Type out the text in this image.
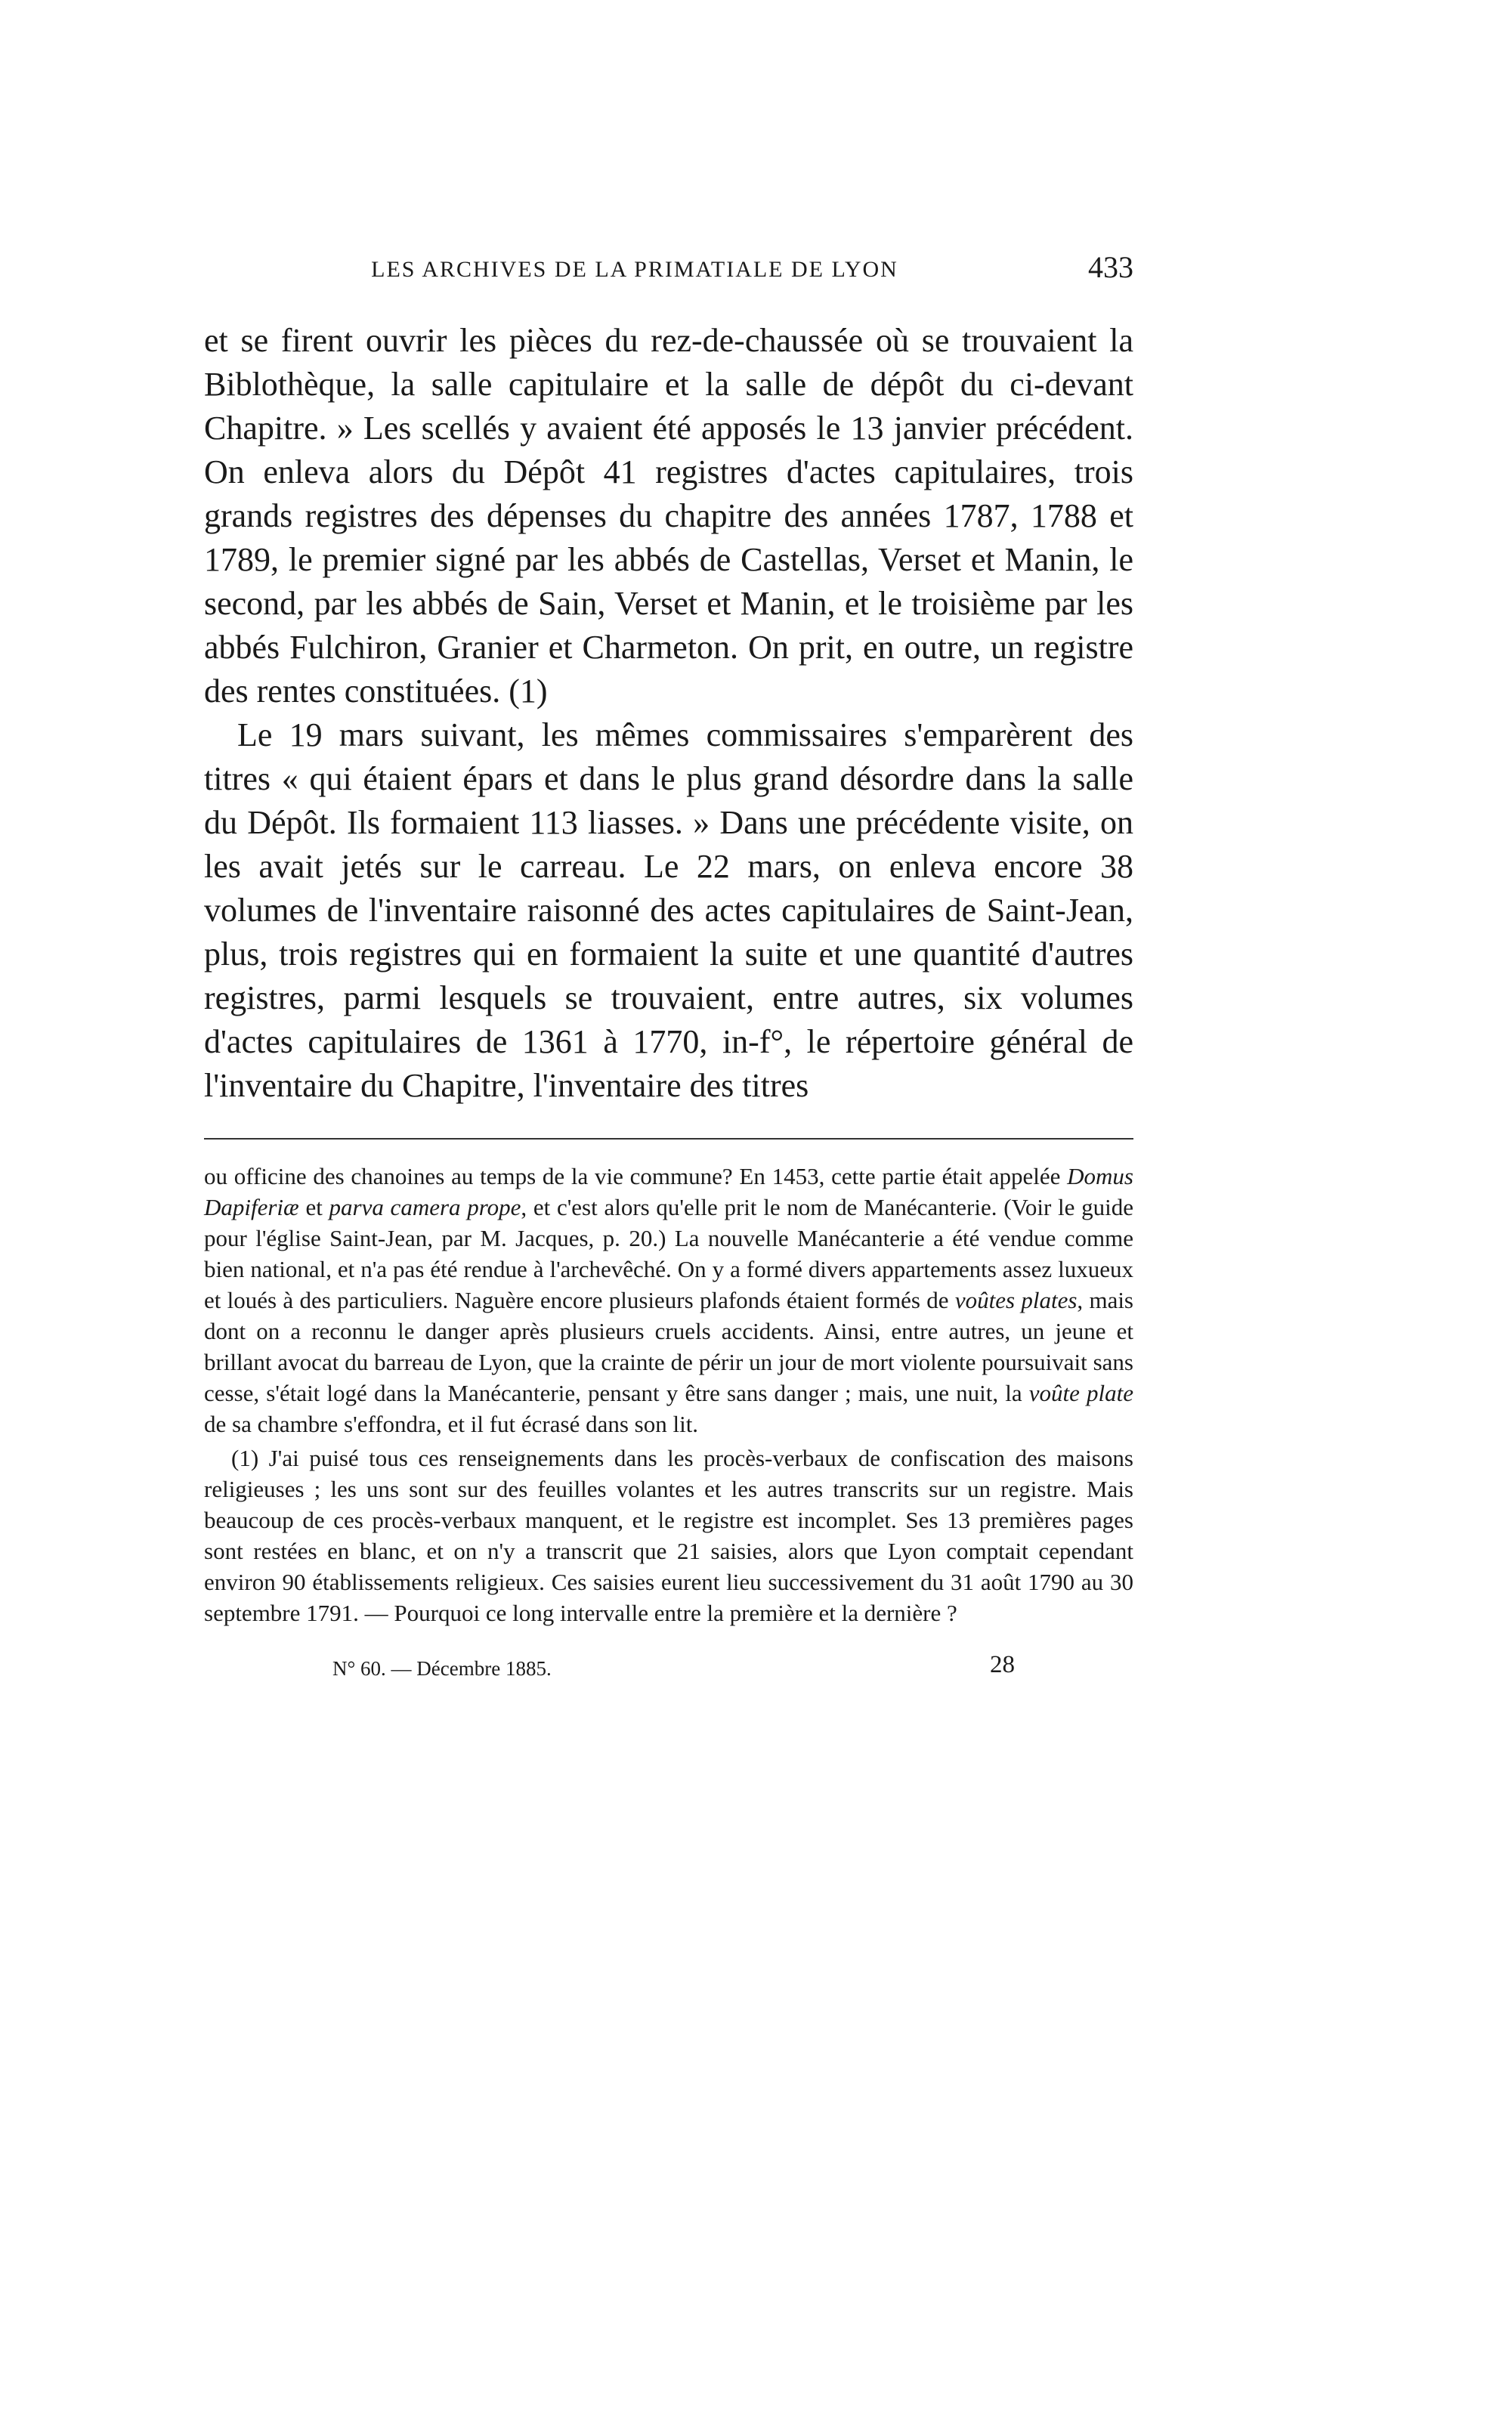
LES ARCHIVES DE LA PRIMATIALE DE LYON	433

et se firent ouvrir les pièces du rez-de-chaussée où se trouvaient la Biblothèque, la salle capitulaire et la salle de dépôt du ci-devant Chapitre. » Les scellés y avaient été apposés le 13 janvier précédent. On enleva alors du Dépôt 41 registres d'actes capitulaires, trois grands registres des dépenses du chapitre des années 1787, 1788 et 1789, le premier signé par les abbés de Castellas, Verset et Manin, le second, par les abbés de Sain, Verset et Manin, et le troisième par les abbés Fulchiron, Granier et Charmeton. On prit, en outre, un registre des rentes constituées. (1)

Le 19 mars suivant, les mêmes commissaires s'emparèrent des titres « qui étaient épars et dans le plus grand désordre dans la salle du Dépôt. Ils formaient 113 liasses. » Dans une précédente visite, on les avait jetés sur le carreau. Le 22 mars, on enleva encore 38 volumes de l'inventaire raisonné des actes capitulaires de Saint-Jean, plus, trois registres qui en formaient la suite et une quantité d'autres registres, parmi lesquels se trouvaient, entre autres, six volumes d'actes capitulaires de 1361 à 1770, in-f°, le répertoire général de l'inventaire du Chapitre, l'inventaire des titres

ou officine des chanoines au temps de la vie commune? En 1453, cette partie était appelée Domus Dapiferiæ et parva camera prope, et c'est alors qu'elle prit le nom de Manécanterie. (Voir le guide pour l'église Saint-Jean, par M. Jacques, p. 20.) La nouvelle Manécanterie a été vendue comme bien national, et n'a pas été rendue à l'archevêché. On y a formé divers appartements assez luxueux et loués à des particuliers. Naguère encore plusieurs plafonds étaient formés de voûtes plates, mais dont on a reconnu le danger après plusieurs cruels accidents. Ainsi, entre autres, un jeune et brillant avocat du barreau de Lyon, que la crainte de périr un jour de mort violente poursuivait sans cesse, s'était logé dans la Manécanterie, pensant y être sans danger ; mais, une nuit, la voûte plate de sa chambre s'effondra, et il fut écrasé dans son lit.

(1) J'ai puisé tous ces renseignements dans les procès-verbaux de confiscation des maisons religieuses ; les uns sont sur des feuilles volantes et les autres transcrits sur un registre. Mais beaucoup de ces procès-verbaux manquent, et le registre est incomplet. Ses 13 premières pages sont restées en blanc, et on n'y a transcrit que 21 saisies, alors que Lyon comptait cependant environ 90 établissements religieux. Ces saisies eurent lieu successivement du 31 août 1790 au 30 septembre 1791. — Pourquoi ce long intervalle entre la première et la dernière ?

N° 60. — Décembre 1885.	28
